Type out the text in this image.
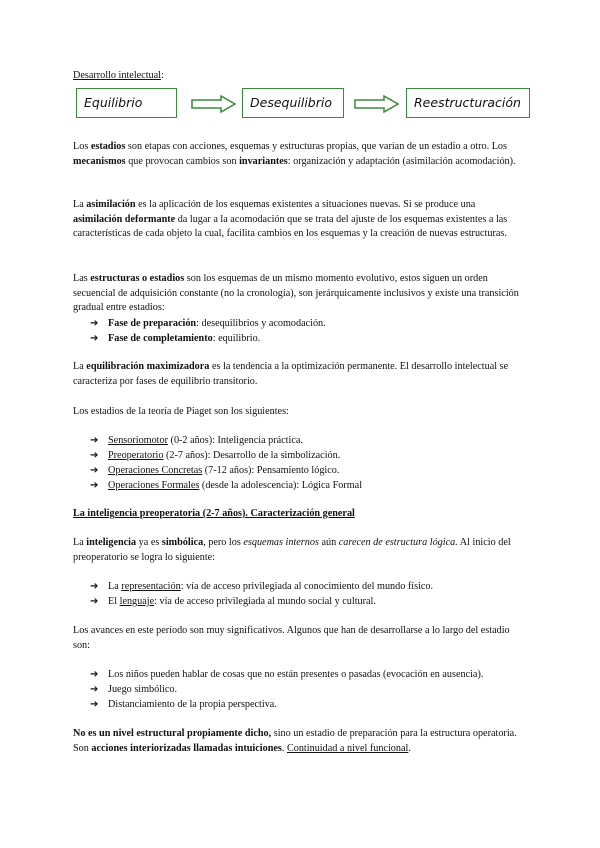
Desarrollo intelectual:
Equilibrio	Desequilibrio	Reestructuración

Los estadios son etapas con acciones, esquemas y estructuras propias, que varían de un estadio a otro. Los mecanismos que provocan cambios son invariantes: organización y adaptación (asimilación acomodación).

La asimilación es la aplicación de los esquemas existentes a situaciones nuevas. Si se produce una asimilación deformante da lugar a la acomodación que se trata del ajuste de los esquemas existentes a las características de cada objeto la cual, facilita cambios en los esquemas y la creación de nuevas estructuras.

Las estructuras o estadios son los esquemas de un mismo momento evolutivo, estos siguen un orden secuencial de adquisición constante (no la cronología), son jerárquicamente inclusivos y existe una transición gradual entre estadios:

➔ Fase de preparación: desequilibrios y acomodación.
➔ Fase de completamiento: equilibrio.

La equilibración maximizadora es la tendencia a la optimización permanente. El desarrollo intelectual se caracteriza por fases de equilibrio transitorio.

Los estadios de la teoría de Piaget son los siguientes:

➔ Sensoriomotor (0-2 años): Inteligencia práctica.
➔ Preoperatorio (2-7 años): Desarrollo de la simbolización.
➔ Operaciones Concretas (7-12 años): Pensamiento lógico.
➔ Operaciones Formales (desde la adolescencia): Lógica Formal

La inteligencia preoperatoria (2-7 años). Caracterización general

La inteligencia ya es simbólica, pero los esquemas internos aún carecen de estructura lógica. Al inicio del preoperatorio se logra lo siguiente:

➔ La representación: vía de acceso privilegiada al conocimiento del mundo físico.
➔ El lenguaje: vía de acceso privilegiada al mundo social y cultural.

Los avances en este período son muy significativos. Algunos que han de desarrollarse a lo largo del estadio son:

➔ Los niños pueden hablar de cosas que no están presentes o pasadas (evocación en ausencia).
➔ Juego simbólico.
➔ Distanciamiento de la propia perspectiva.

No es un nivel estructural propiamente dicho, sino un estadio de preparación para la estructura operatoria. Son acciones interiorizadas llamadas intuiciones. Continuidad a nivel funcional.
